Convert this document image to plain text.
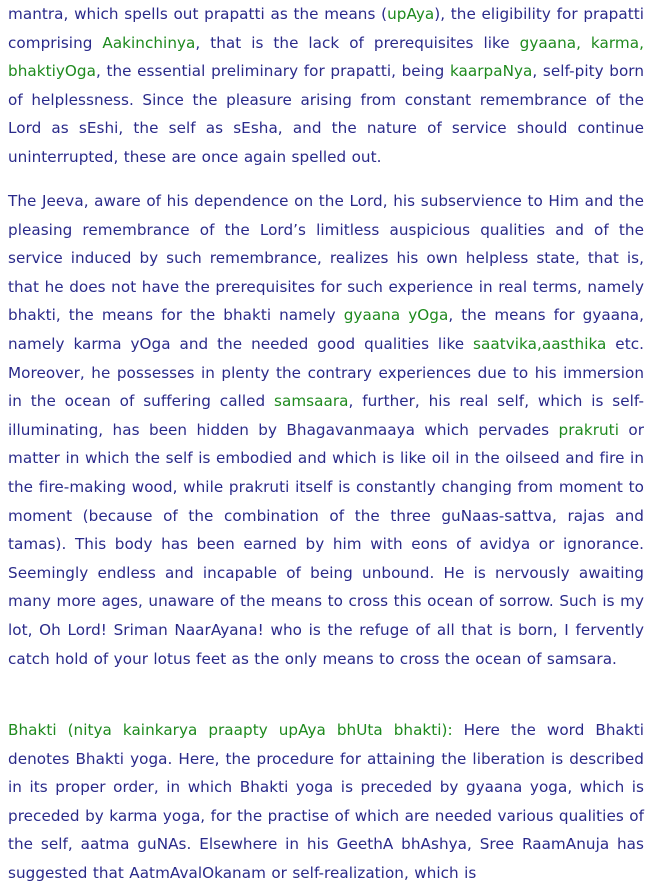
mantra, which spells out prapatti as the means (upAya), the eligibility for prapatti comprising Aakinchinya, that is the lack of prerequisites like gyaana, karma, bhaktiyOga, the essential preliminary for prapatti, being kaarpaNya, self-pity born of helplessness. Since the pleasure arising from constant remembrance of the Lord as sEshi, the self as sEsha, and the nature of service should continue uninterrupted, these are once again spelled out.
The Jeeva, aware of his dependence on the Lord, his subservience to Him and the pleasing remembrance of the Lord’s limitless auspicious qualities and of the service induced by such remembrance, realizes his own helpless state, that is, that he does not have the prerequisites for such experience in real terms, namely bhakti, the means for the bhakti namely gyaana yOga, the means for gyaana, namely karma yOga and the needed good qualities like saatvika,aasthika etc. Moreover, he possesses in plenty the contrary experiences due to his immersion in the ocean of suffering called samsaara, further, his real self, which is self-illuminating, has been hidden by Bhagavanmaaya which pervades prakruti or matter in which the self is embodied and which is like oil in the oilseed and fire in the fire-making wood, while prakruti itself is constantly changing from moment to moment (because of the combination of the three guNaas-sattva, rajas and tamas). This body has been earned by him with eons of avidya or ignorance. Seemingly endless and incapable of being unbound. He is nervously awaiting many more ages, unaware of the means to cross this ocean of sorrow. Such is my lot, Oh Lord! Sriman NaarAyana! who is the refuge of all that is born, I fervently catch hold of your lotus feet as the only means to cross the ocean of samsara.
Bhakti (nitya kainkarya praapty upAya bhUta bhakti): Here the word Bhakti denotes Bhakti yoga. Here, the procedure for attaining the liberation is described in its proper order, in which Bhakti yoga is preceded by gyaana yoga, which is preceded by karma yoga, for the practise of which are needed various qualities of the self, aatma guNAs. Elsewhere in his GeethA bhAshya, Sree RaamAnuja has suggested that AatmAvalOkanam or self-realization, which is
